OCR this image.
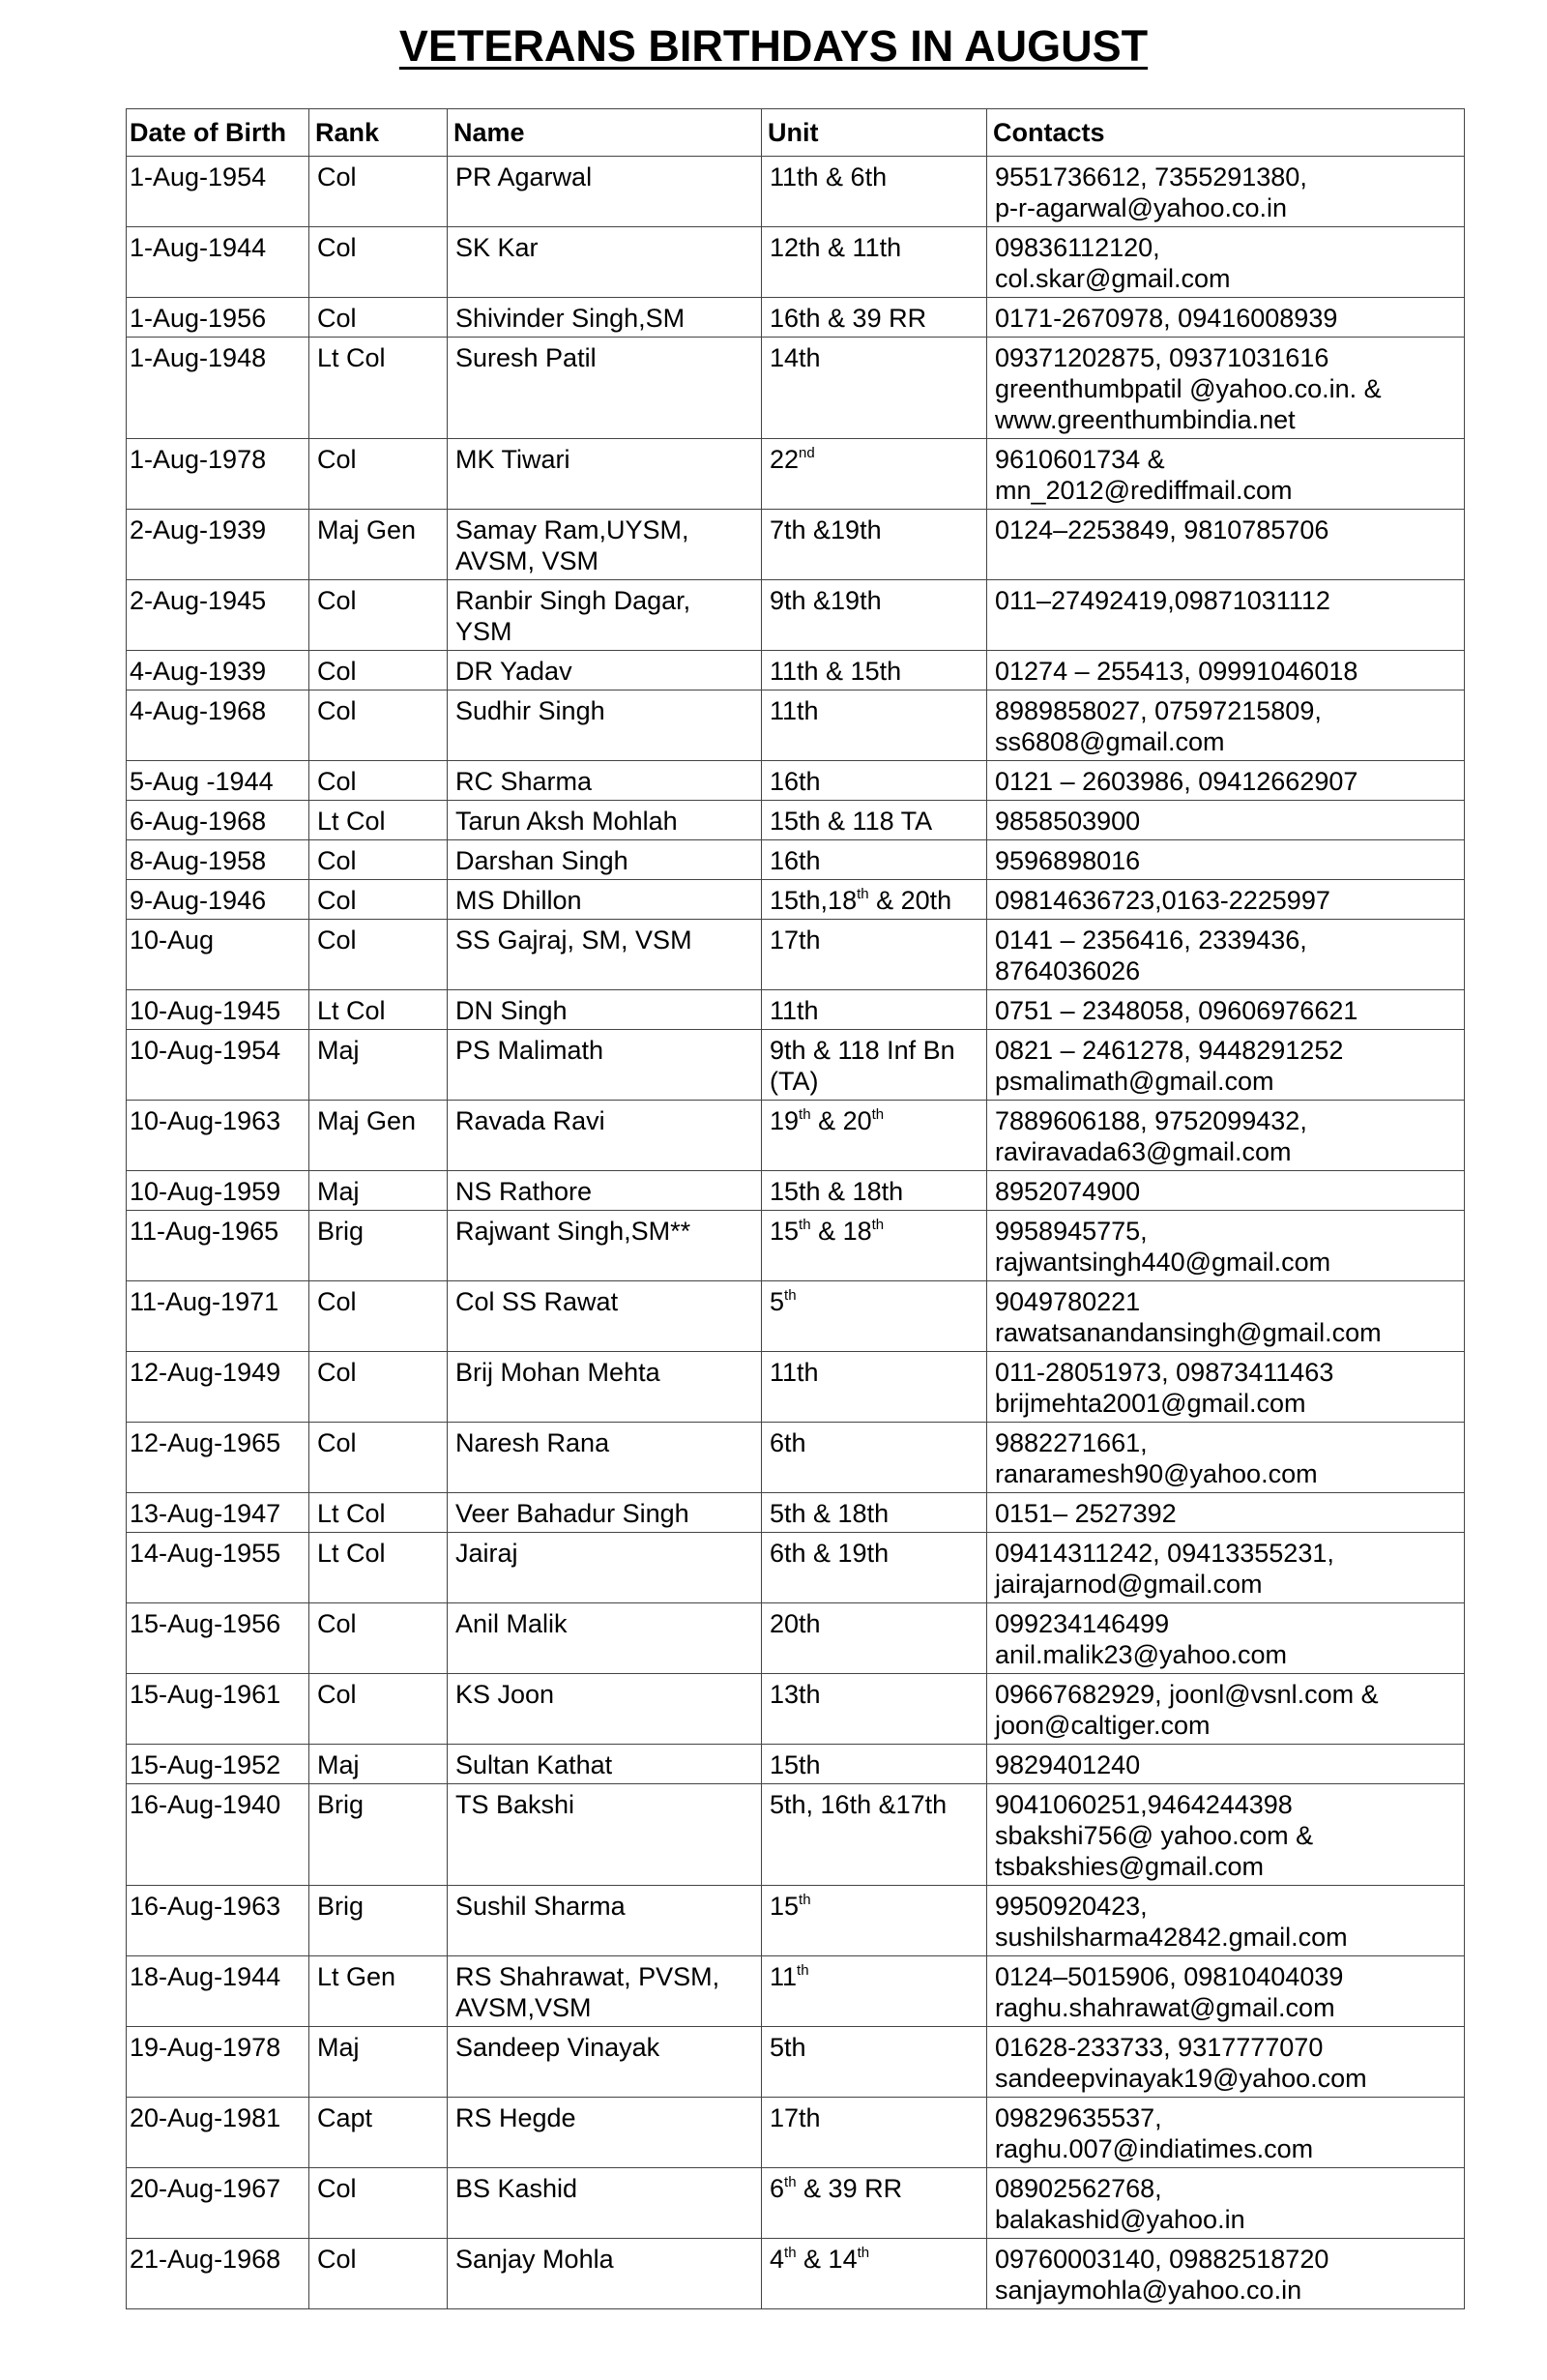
VETERANS BIRTHDAYS IN AUGUST
Date of Birth	Rank	Name	Unit	Contacts
1-Aug-1954	Col	PR Agarwal	11th & 6th	9551736612, 7355291380,
p-r-agarwal@yahoo.co.in
1-Aug-1944	Col	SK Kar	12th & 11th	09836112120,
col.skar@gmail.com
1-Aug-1956	Col	Shivinder Singh,SM	16th & 39 RR	0171-2670978, 09416008939
1-Aug-1948	Lt Col	Suresh Patil	14th	09371202875, 09371031616
greenthumbpatil @yahoo.co.in. &
www.greenthumbindia.net
1-Aug-1978	Col	MK Tiwari	22nd	9610601734 &
mn_2012@rediffmail.com
2-Aug-1939	Maj Gen	Samay Ram,UYSM,
AVSM, VSM	7th &19th	0124–2253849, 9810785706
2-Aug-1945	Col	Ranbir Singh Dagar,
YSM	9th &19th	011–27492419,09871031112
4-Aug-1939	Col	DR Yadav	11th & 15th	01274 – 255413, 09991046018
4-Aug-1968	Col	Sudhir Singh	11th	8989858027, 07597215809,
ss6808@gmail.com
5-Aug -1944	Col	RC Sharma	16th	0121 – 2603986, 09412662907
6-Aug-1968	Lt Col	Tarun Aksh Mohlah	15th & 118 TA	9858503900
8-Aug-1958	Col	Darshan Singh	16th	9596898016
9-Aug-1946	Col	MS Dhillon	15th,18th & 20th	09814636723,0163-2225997
10-Aug	Col	SS Gajraj, SM, VSM	17th	0141 – 2356416, 2339436,
8764036026
10-Aug-1945	Lt Col	DN Singh	11th	0751 – 2348058, 09606976621
10-Aug-1954	Maj	PS Malimath	9th & 118 Inf Bn
(TA)	0821 – 2461278, 9448291252
psmalimath@gmail.com
10-Aug-1963	Maj Gen	Ravada Ravi	19th & 20th	7889606188, 9752099432,
raviravada63@gmail.com
10-Aug-1959	Maj	NS Rathore	15th & 18th	8952074900
11-Aug-1965	Brig	Rajwant Singh,SM**	15th & 18th	9958945775,
rajwantsingh440@gmail.com
11-Aug-1971	Col	Col SS Rawat	5th	9049780221
rawatsanandansingh@gmail.com
12-Aug-1949	Col	Brij Mohan Mehta	11th	011-28051973, 09873411463
brijmehta2001@gmail.com
12-Aug-1965	Col	Naresh Rana	6th	9882271661,
ranaramesh90@yahoo.com
13-Aug-1947	Lt Col	Veer Bahadur Singh	5th & 18th	0151– 2527392
14-Aug-1955	Lt Col	Jairaj	6th & 19th	09414311242, 09413355231,
jairajarnod@gmail.com
15-Aug-1956	Col	Anil Malik	20th	099234146499
anil.malik23@yahoo.com
15-Aug-1961	Col	KS Joon	13th	09667682929, joonl@vsnl.com &
joon@caltiger.com
15-Aug-1952	Maj	Sultan Kathat	15th	9829401240
16-Aug-1940	Brig	TS Bakshi	5th, 16th &17th	9041060251,9464244398
sbakshi756@ yahoo.com &
tsbakshies@gmail.com
16-Aug-1963	Brig	Sushil Sharma	15th	9950920423,
sushilsharma42842.gmail.com
18-Aug-1944	Lt Gen	RS Shahrawat, PVSM,
AVSM,VSM	11th	0124–5015906, 09810404039
raghu.shahrawat@gmail.com
19-Aug-1978	Maj	Sandeep Vinayak	5th	01628-233733, 9317777070
sandeepvinayak19@yahoo.com
20-Aug-1981	Capt	RS Hegde	17th	09829635537,
raghu.007@indiatimes.com
20-Aug-1967	Col	BS Kashid	6th & 39 RR	08902562768,
balakashid@yahoo.in
21-Aug-1968	Col	Sanjay Mohla	4th & 14th	09760003140, 09882518720
sanjaymohla@yahoo.co.in
